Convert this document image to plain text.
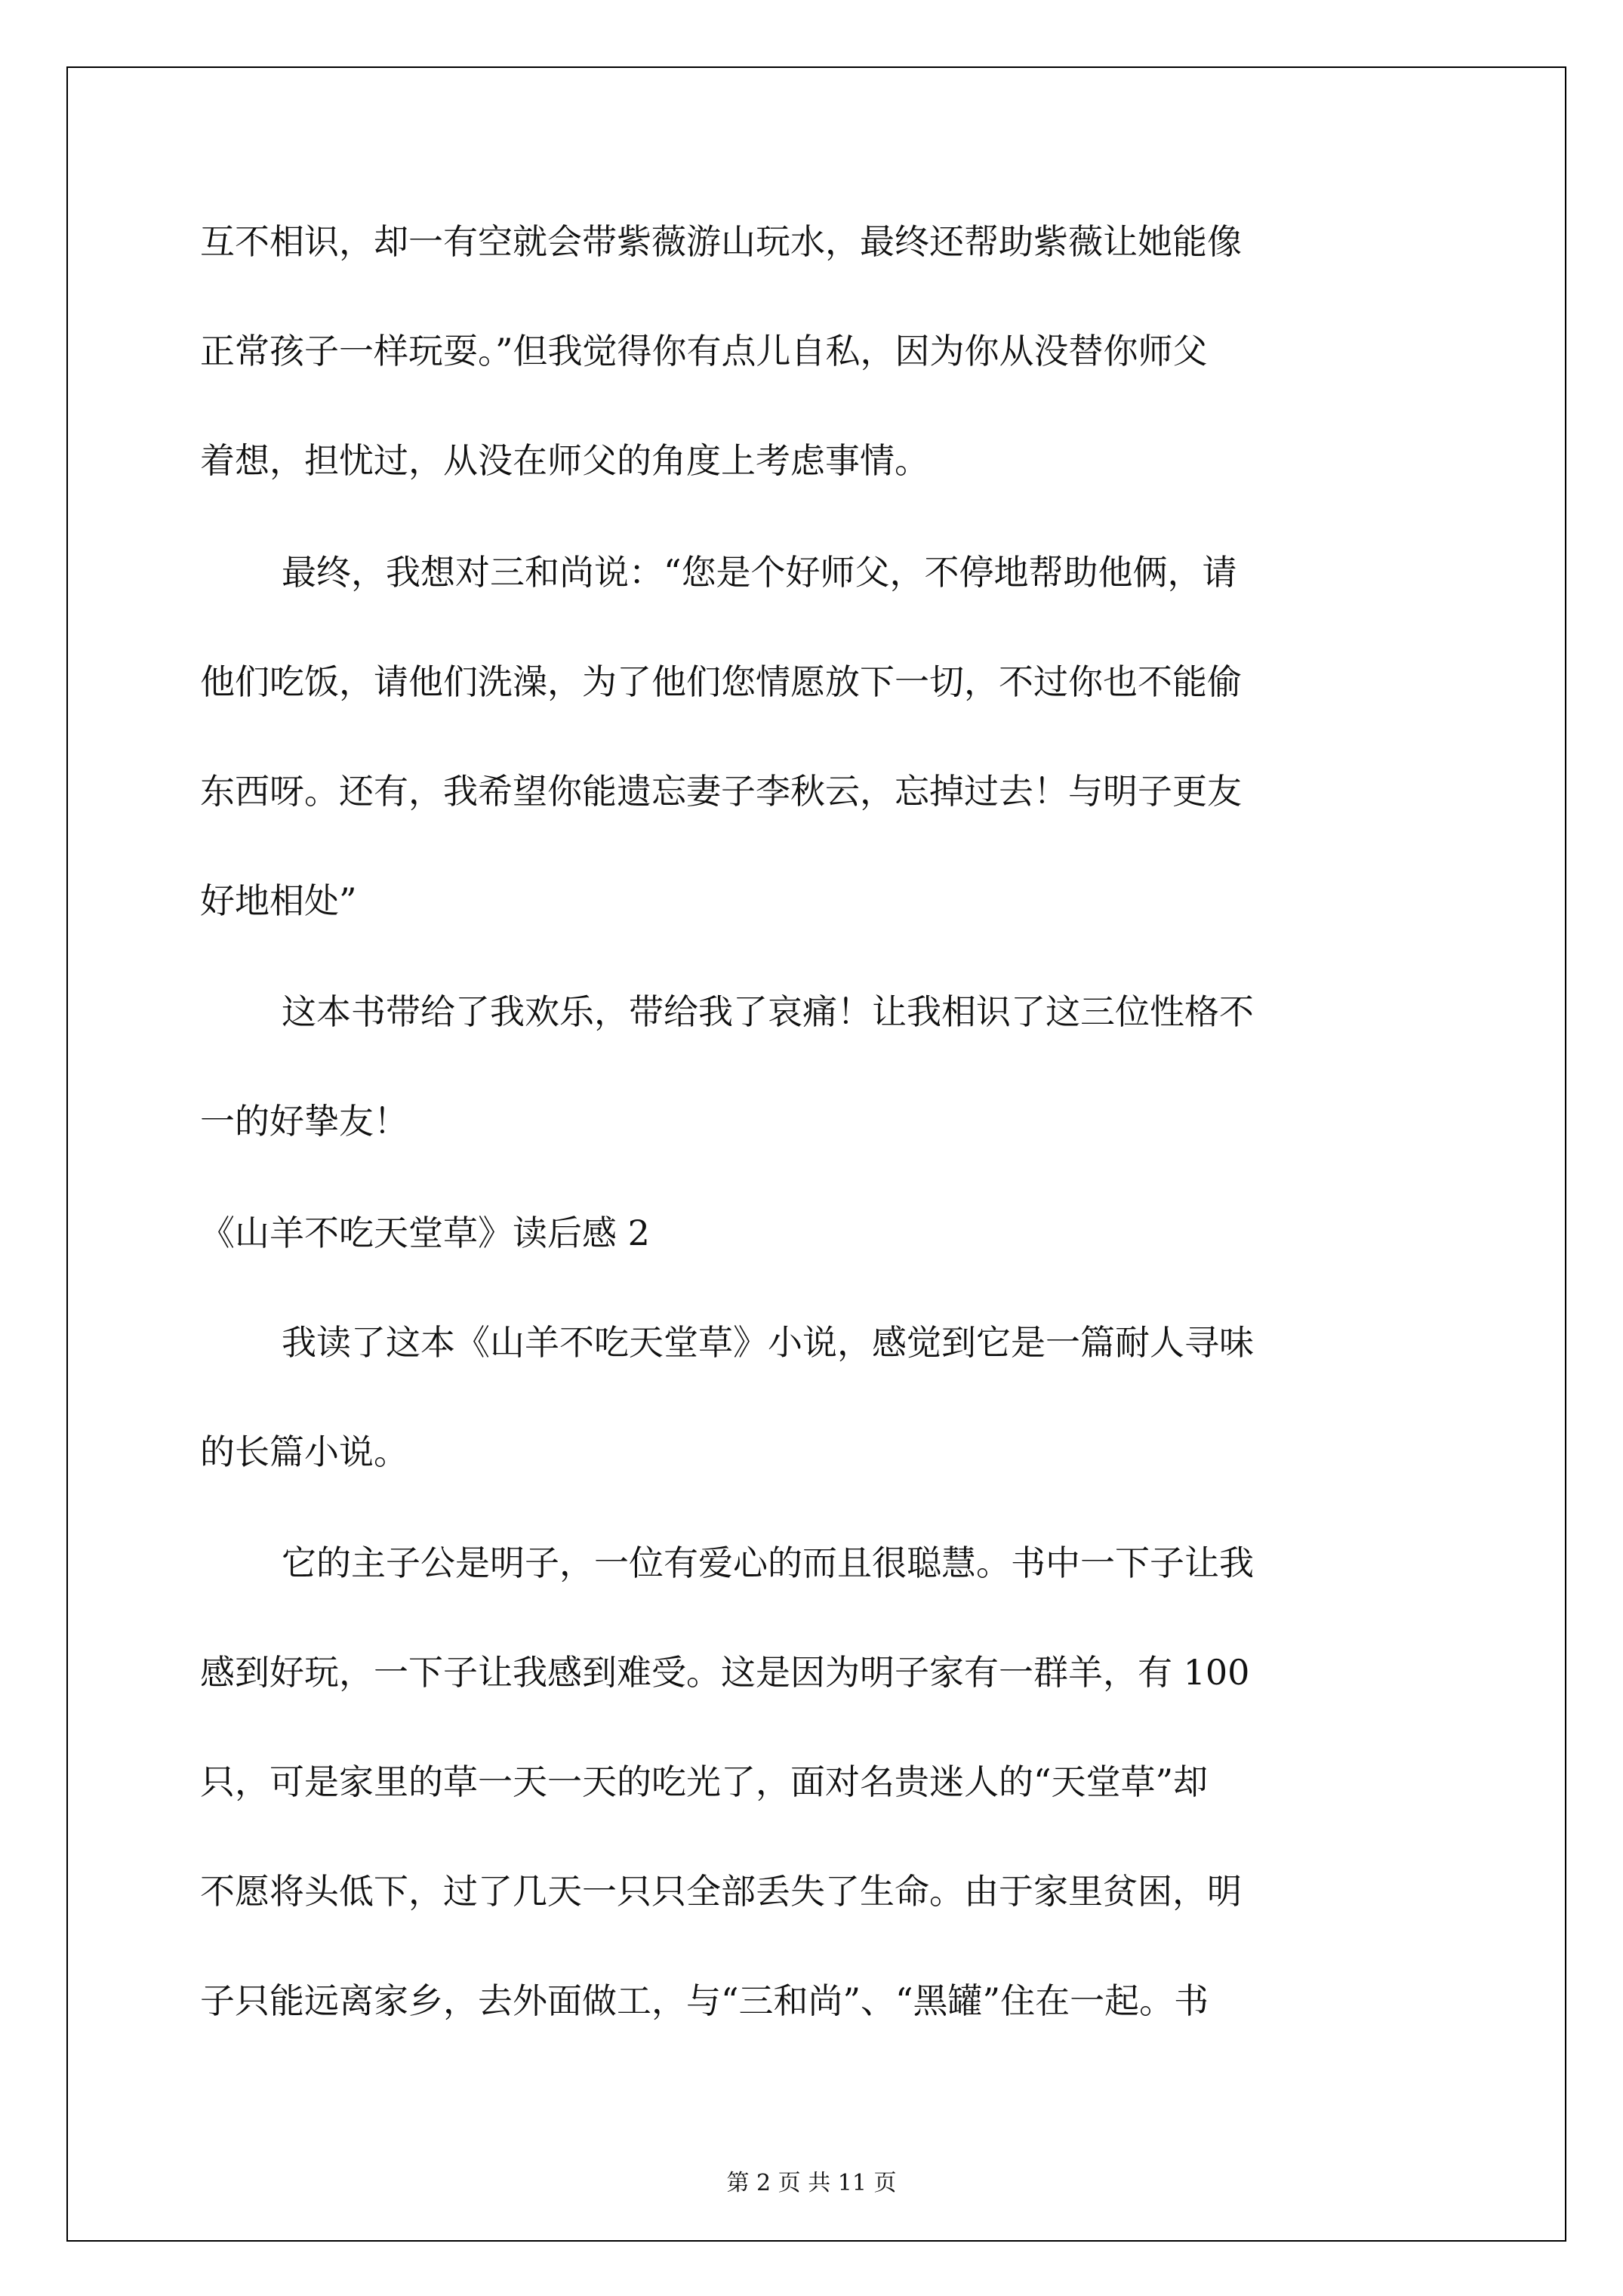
互不相识，却一有空就会带紫薇游山玩水，最终还帮助紫薇让她能像
正常孩子一样玩耍。”但我觉得你有点儿自私，因为你从没替你师父
着想，担忧过，从没在师父的角度上考虑事情。
最终，我想对三和尚说：“您是个好师父，不停地帮助他俩，请
他们吃饭，请他们洗澡，为了他们您情愿放下一切，不过你也不能偷
东西呀。还有，我希望你能遗忘妻子李秋云，忘掉过去！与明子更友
好地相处”
这本书带给了我欢乐，带给我了哀痛！让我相识了这三位性格不
一的好挚友！
《山羊不吃天堂草》读后感 2
我读了这本《山羊不吃天堂草》小说，感觉到它是一篇耐人寻味
的长篇小说。
它的主子公是明子，一位有爱心的而且很聪慧。书中一下子让我
感到好玩，一下子让我感到难受。这是因为明子家有一群羊，有 100
只，可是家里的草一天一天的吃光了，面对名贵迷人的“天堂草”却
不愿将头低下，过了几天一只只全部丢失了生命。由于家里贫困，明
子只能远离家乡，去外面做工，与“三和尚”、“黑罐”住在一起。书
第 2 页 共 11 页
